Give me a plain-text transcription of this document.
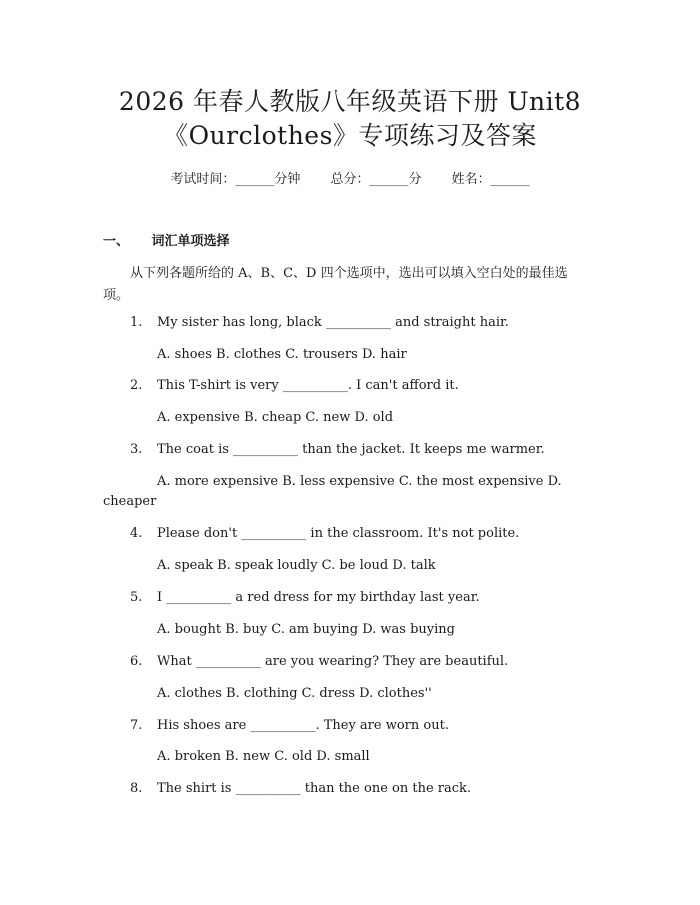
2026 年春人教版八年级英语下册 Unit8
《Ourclothes》专项练习及答案
考试时间：______分钟 总分：______分 姓名：______
一、 词汇单项选择
从下列各题所给的 A、B、C、D 四个选项中，选出可以填入空白处的最佳选
项。
1. My sister has long, black __________ and straight hair.
A. shoes B. clothes C. trousers D. hair
2. This T-shirt is very __________. I can't afford it.
A. expensive B. cheap C. new D. old
3. The coat is __________ than the jacket. It keeps me warmer.
A. more expensive B. less expensive C. the most expensive D.
cheaper
4. Please don't __________ in the classroom. It's not polite.
A. speak B. speak loudly C. be loud D. talk
5. I __________ a red dress for my birthday last year.
A. bought B. buy C. am buying D. was buying
6. What __________ are you wearing? They are beautiful.
A. clothes B. clothing C. dress D. clothes''
7. His shoes are __________. They are worn out.
A. broken B. new C. old D. small
8. The shirt is __________ than the one on the rack.
